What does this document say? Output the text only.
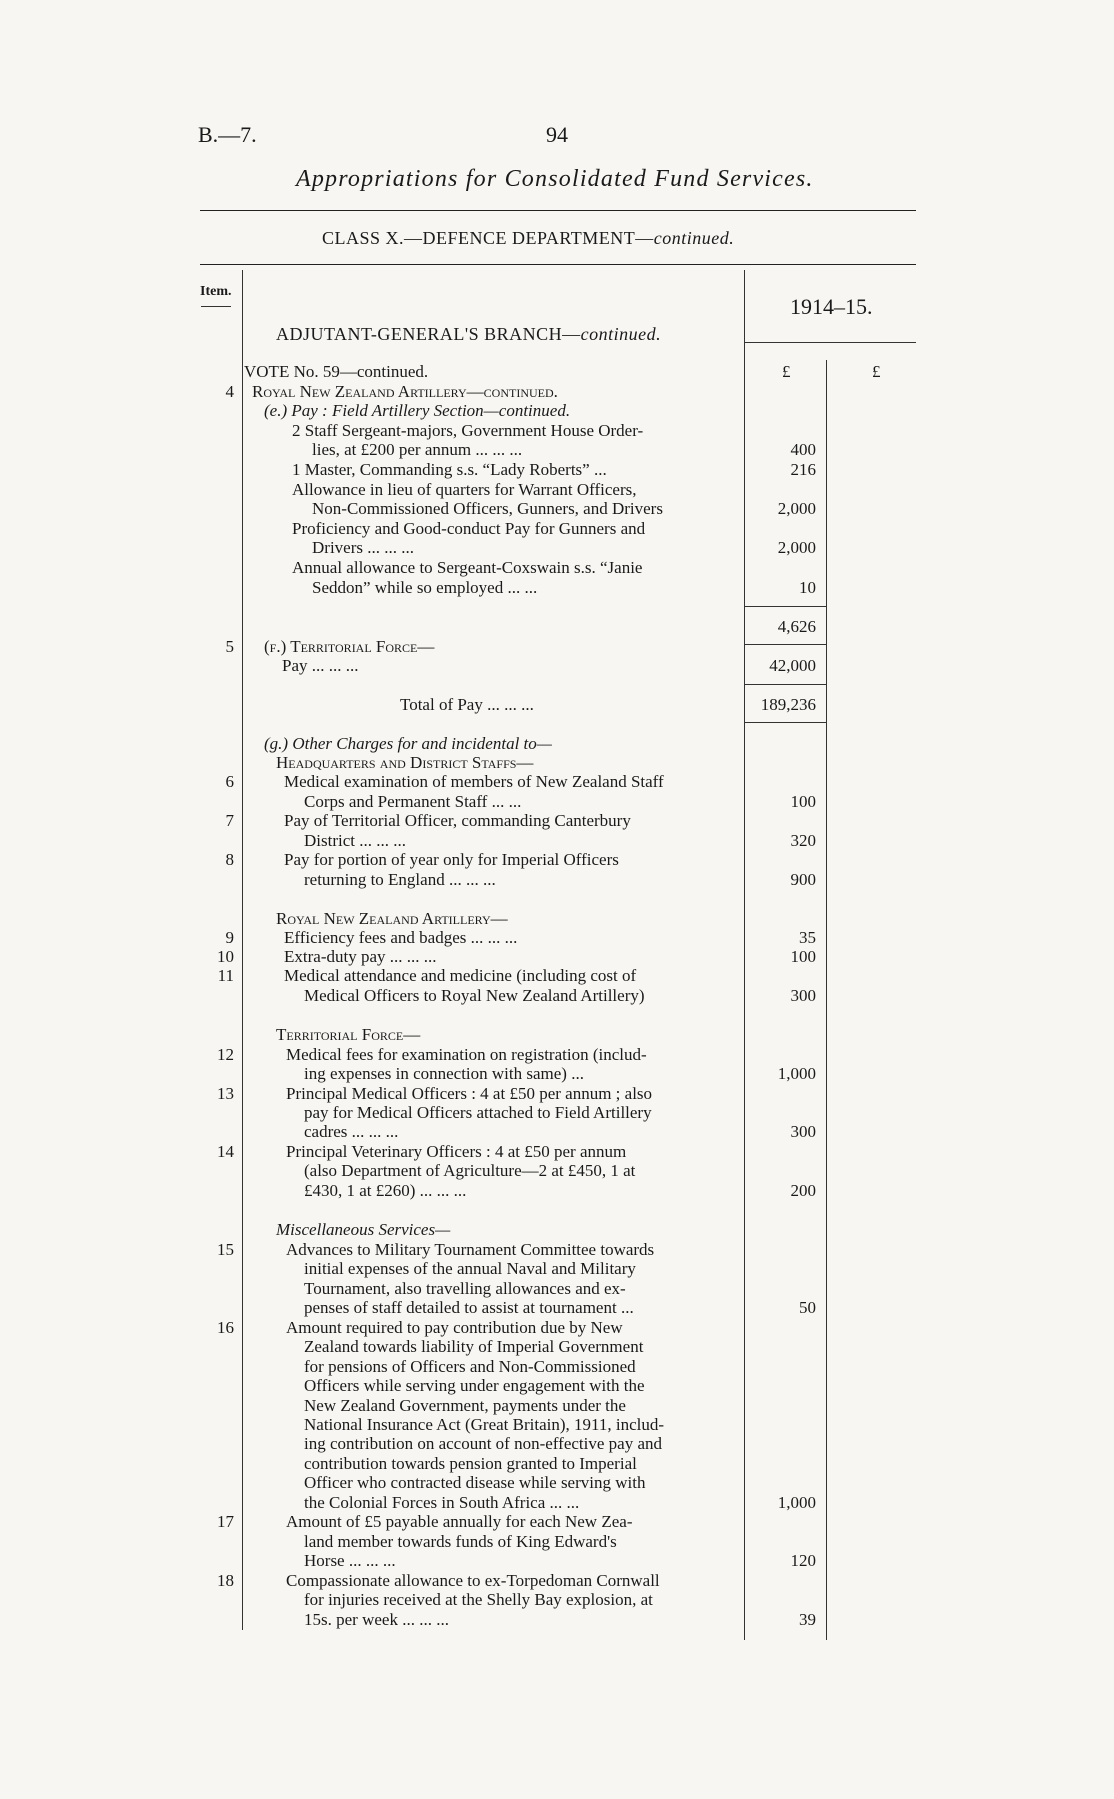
B.—7.	94
Appropriations for Consolidated Fund Services.
CLASS X.—DEFENCE DEPARTMENT—continued.
Item.
1914–15.
ADJUTANT-GENERAL'S BRANCH—continued.
£	£
4
5
6
7
8
9
10
11
12
13
14
15
16
17
18
VOTE No. 59—continued.
Royal New Zealand Artillery—continued.
(e.) Pay : Field Artillery Section—continued.
2 Staff Sergeant-majors, Government House Order-
lies, at £200 per annum ... ... ...
1 Master, Commanding s.s. “Lady Roberts” ...
Allowance in lieu of quarters for Warrant Officers,
Non-Commissioned Officers, Gunners, and Drivers
Proficiency and Good-conduct Pay for Gunners and
Drivers ... ... ...
Annual allowance to Sergeant-Coxswain s.s. “Janie
Seddon” while so employed ... ...
(f.) Territorial Force—
Pay ... ... ...
Total of Pay ... ... ...
(g.) Other Charges for and incidental to—
Headquarters and District Staffs—
Medical examination of members of New Zealand Staff
Corps and Permanent Staff ... ...
Pay of Territorial Officer, commanding Canterbury
District ... ... ...
Pay for portion of year only for Imperial Officers
returning to England ... ... ...
Royal New Zealand Artillery—
Efficiency fees and badges ... ... ...
Extra-duty pay ... ... ...
Medical attendance and medicine (including cost of
Medical Officers to Royal New Zealand Artillery)
Territorial Force—
Medical fees for examination on registration (includ-
ing expenses in connection with same) ...
Principal Medical Officers : 4 at £50 per annum ; also
pay for Medical Officers attached to Field Artillery
cadres ... ... ...
Principal Veterinary Officers : 4 at £50 per annum
(also Department of Agriculture—2 at £450, 1 at
£430, 1 at £260) ... ... ...
Miscellaneous Services—
Advances to Military Tournament Committee towards
initial expenses of the annual Naval and Military
Tournament, also travelling allowances and ex-
penses of staff detailed to assist at tournament ...
Amount required to pay contribution due by New
Zealand towards liability of Imperial Government
for pensions of Officers and Non-Commissioned
Officers while serving under engagement with the
New Zealand Government, payments under the
National Insurance Act (Great Britain), 1911, includ-
ing contribution on account of non-effective pay and
contribution towards pension granted to Imperial
Officer who contracted disease while serving with
the Colonial Forces in South Africa ... ...
Amount of £5 payable annually for each New Zea-
land member towards funds of King Edward's
Horse ... ... ...
Compassionate allowance to ex-Torpedoman Cornwall
for injuries received at the Shelly Bay explosion, at
15s. per week ... ... ...
400
216
2,000
2,000
10
4,626
42,000
189,236
100
320
900
35
100
300
1,000
300
200
50
1,000
120
39
